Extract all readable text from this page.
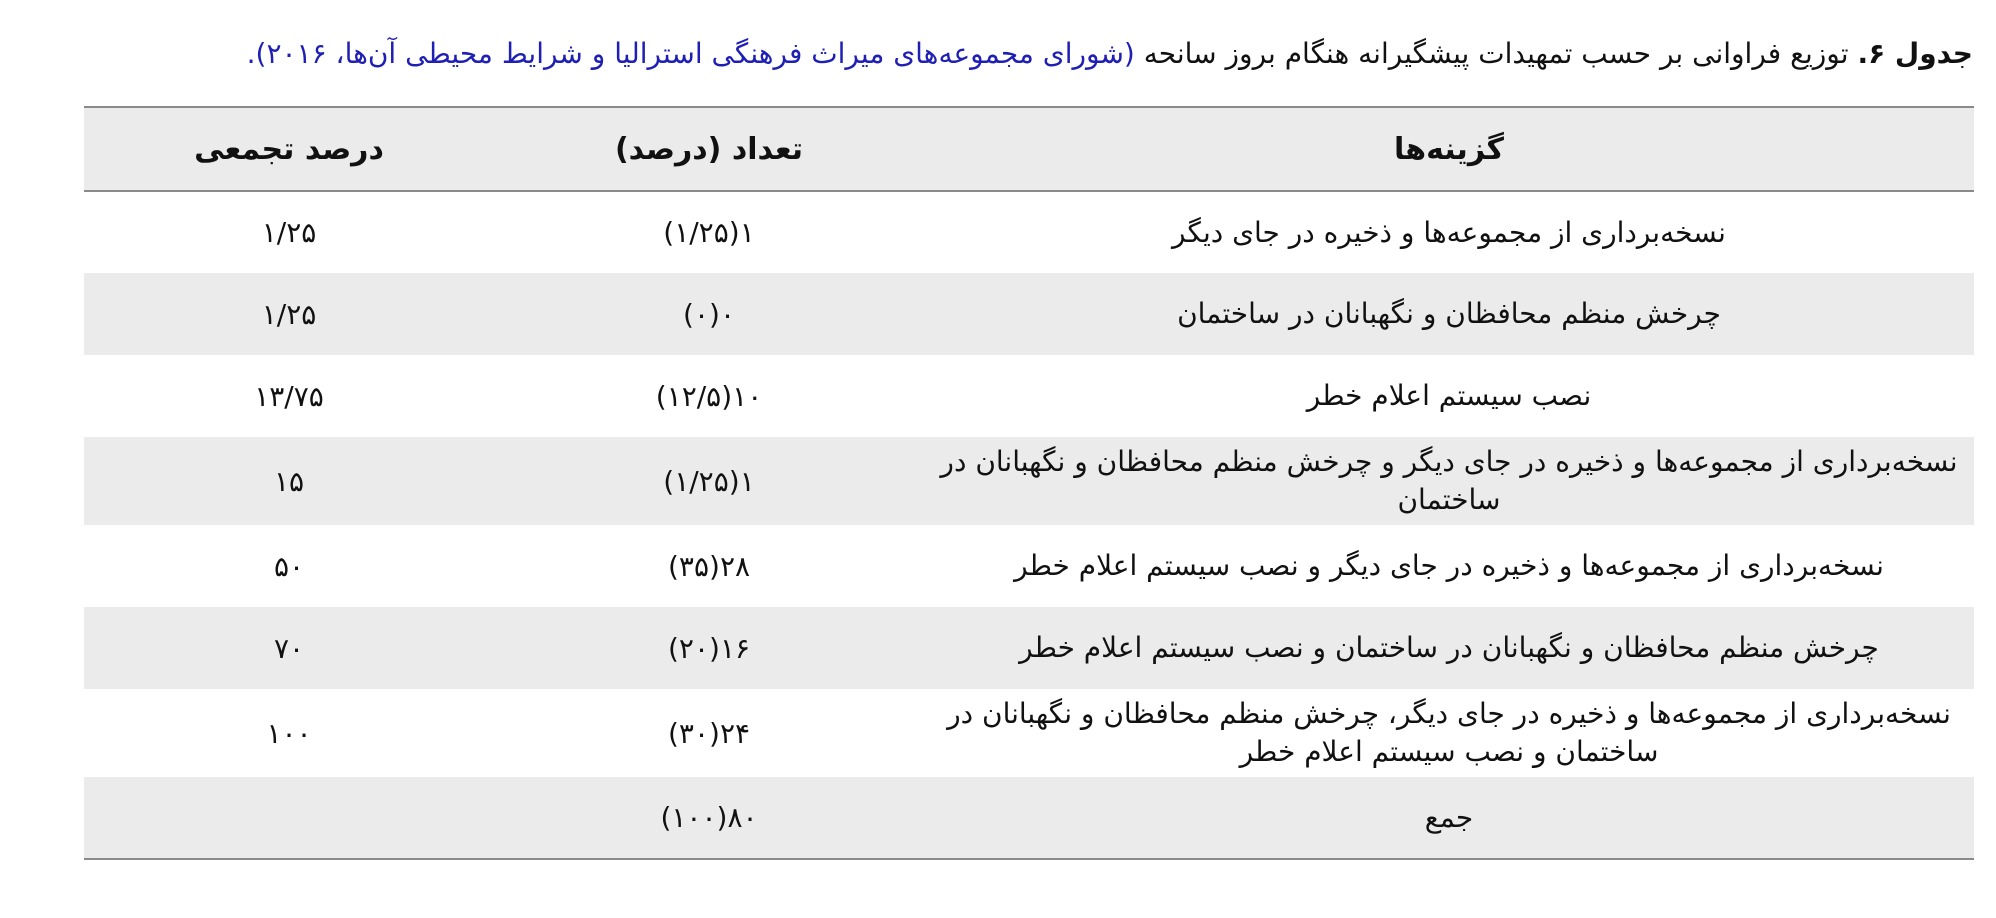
جدول ۶. توزیع فراوانی بر حسب تمهیدات پیشگیرانه هنگام بروز سانحه (شورای مجموعه‌های میراث فرهنگی استرالیا و شرایط محیطی آن‌ها، ۲۰۱۶).
گزینه‌ها	تعداد (درصد)	درصد تجمعی
نسخه‌برداری از مجموعه‌ها و ذخیره در جای دیگر	۱(۱/۲۵)	۱/۲۵
چرخش منظم محافظان و نگهبانان در ساختمان	۰(۰)	۱/۲۵
نصب سیستم اعلام خطر	۱۰(۱۲/۵)	۱۳/۷۵
نسخه‌برداری از مجموعه‌ها و ذخیره در جای دیگر و چرخش منظم محافظان و نگهبانان در ساختمان	۱(۱/۲۵)	۱۵
نسخه‌برداری از مجموعه‌ها و ذخیره در جای دیگر و نصب سیستم اعلام خطر	۲۸(۳۵)	۵۰
چرخش منظم محافظان و نگهبانان در ساختمان و نصب سیستم اعلام خطر	۱۶(۲۰)	۷۰
نسخه‌برداری از مجموعه‌ها و ذخیره در جای دیگر، چرخش منظم محافظان و نگهبانان در ساختمان و نصب سیستم اعلام خطر	۲۴(۳۰)	۱۰۰
جمع	۸۰(۱۰۰)	
